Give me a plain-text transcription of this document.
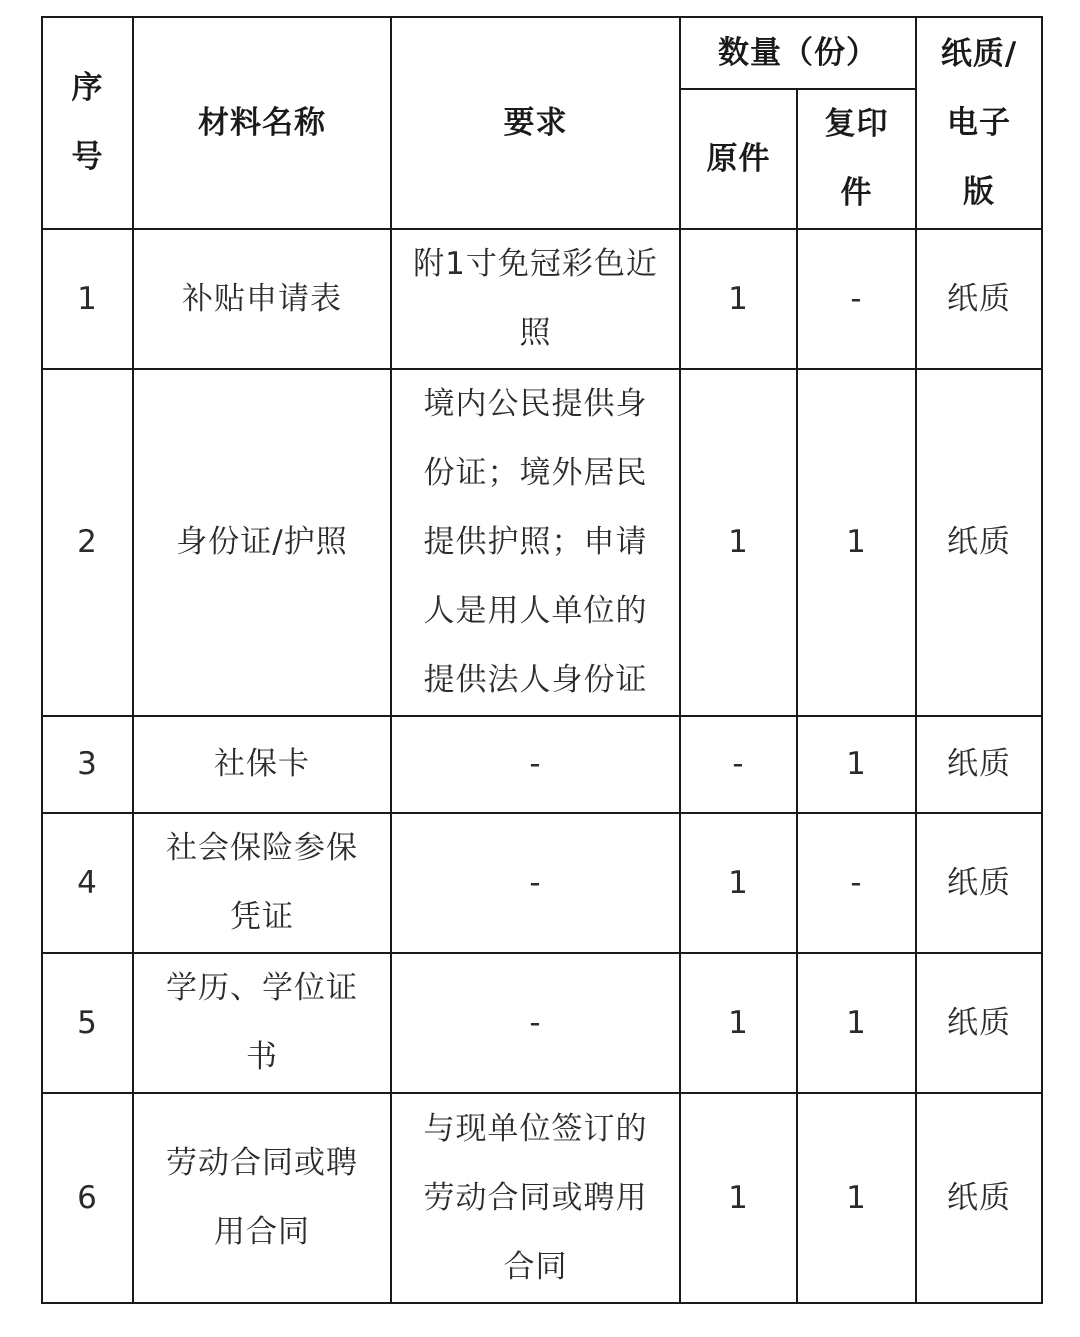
序号	材料名称	要求	数量（份）		纸质/电子版

			原件	复印件	

1	补贴申请表	附1寸免冠彩色近照	1	-	纸质

2	身份证/护照	境内公民提供身份证；境外居民提供护照；申请人是用人单位的提供法人身份证	1	1	纸质

3	社保卡	-	-	1	纸质

4	社会保险参保凭证	-	1	-	纸质

5	学历、学位证书	-	1	1	纸质

6	劳动合同或聘用合同	与现单位签订的劳动合同或聘用合同	1	1	纸质
